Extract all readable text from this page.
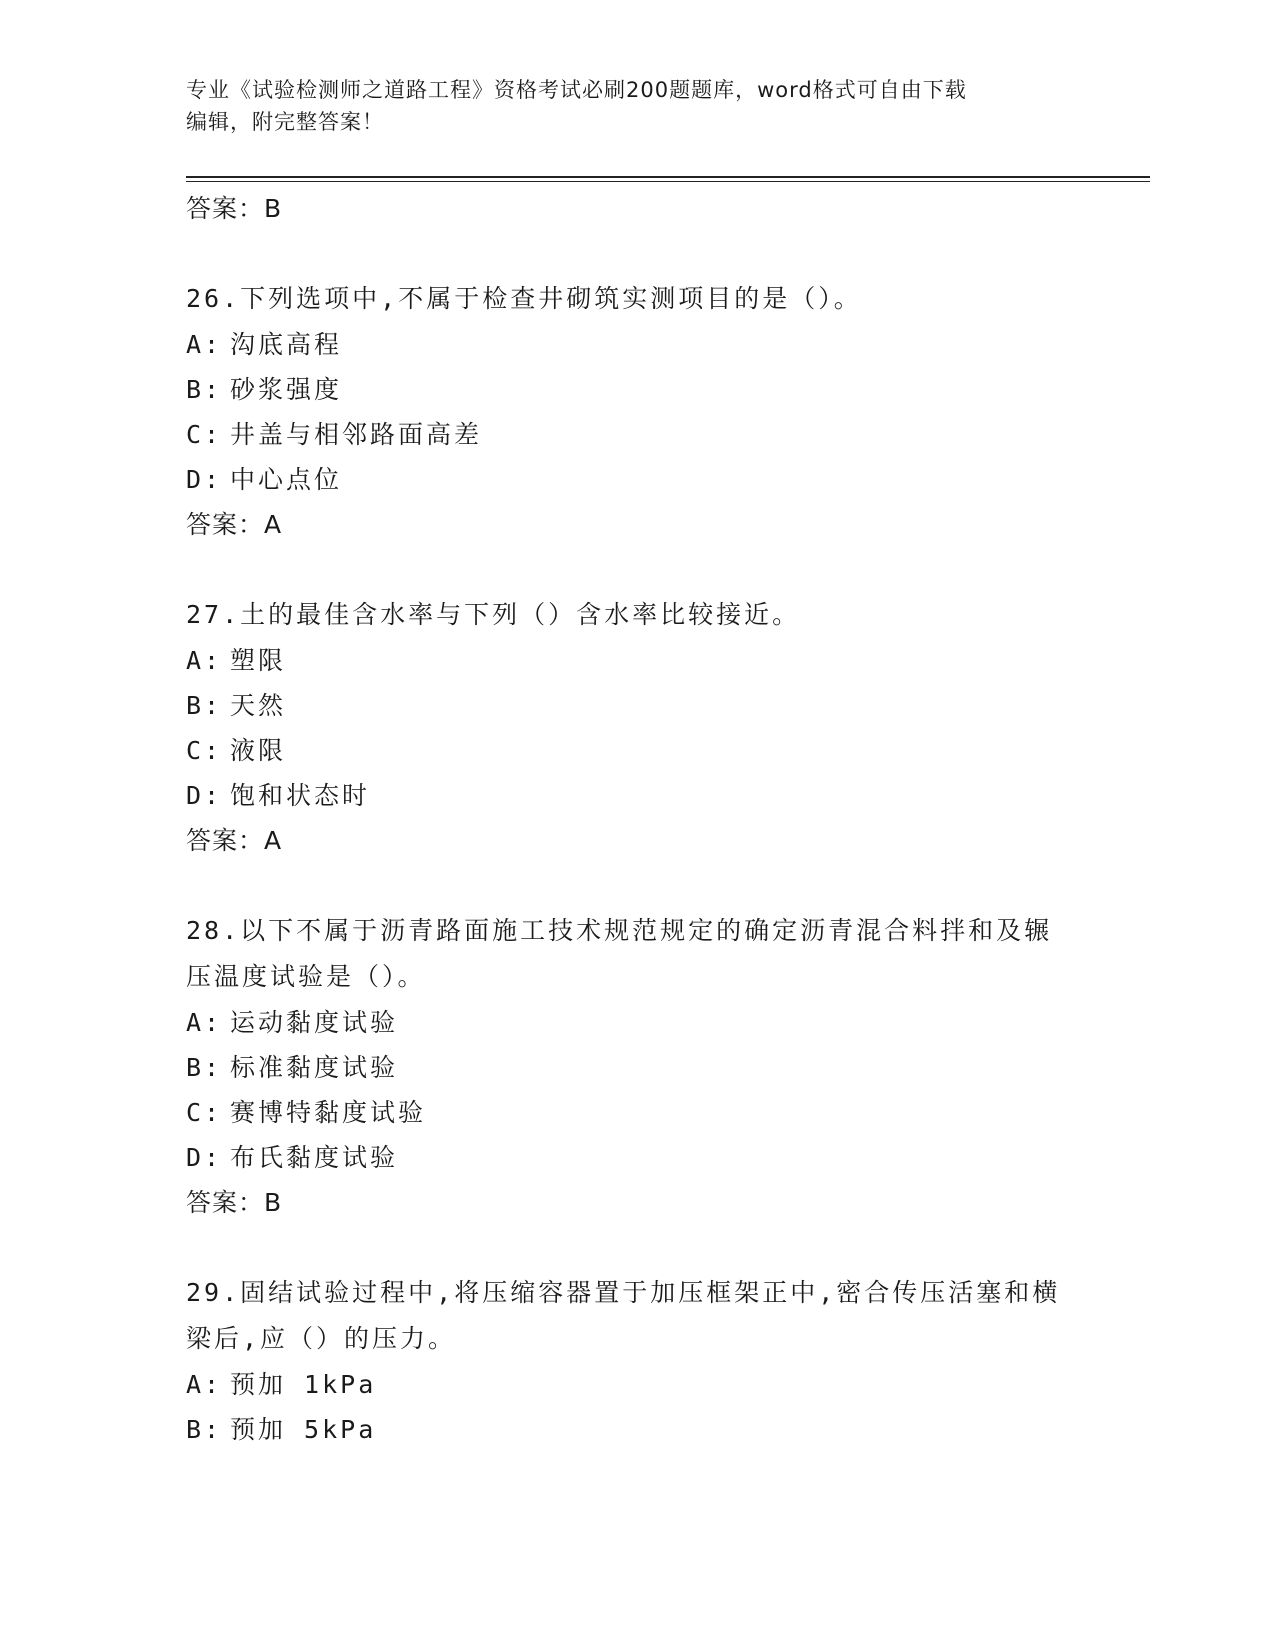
专业《试验检测师之道路工程》资格考试必刷200题题库，word格式可自由下载
编辑，附完整答案！
答案：B
26.下列选项中,不属于检查井砌筑实测项目的是（）。
A: 沟底高程
B: 砂浆强度
C: 井盖与相邻路面高差
D: 中心点位
答案：A
27.土的最佳含水率与下列（）含水率比较接近。
A: 塑限
B: 天然
C: 液限
D: 饱和状态时
答案：A
28.以下不属于沥青路面施工技术规范规定的确定沥青混合料拌和及辗压温度试验是（）。
A: 运动黏度试验
B: 标准黏度试验
C: 赛博特黏度试验
D: 布氏黏度试验
答案：B
29.固结试验过程中,将压缩容器置于加压框架正中,密合传压活塞和横梁后,应（）的压力。
A: 预加 1kPa
B: 预加 5kPa
